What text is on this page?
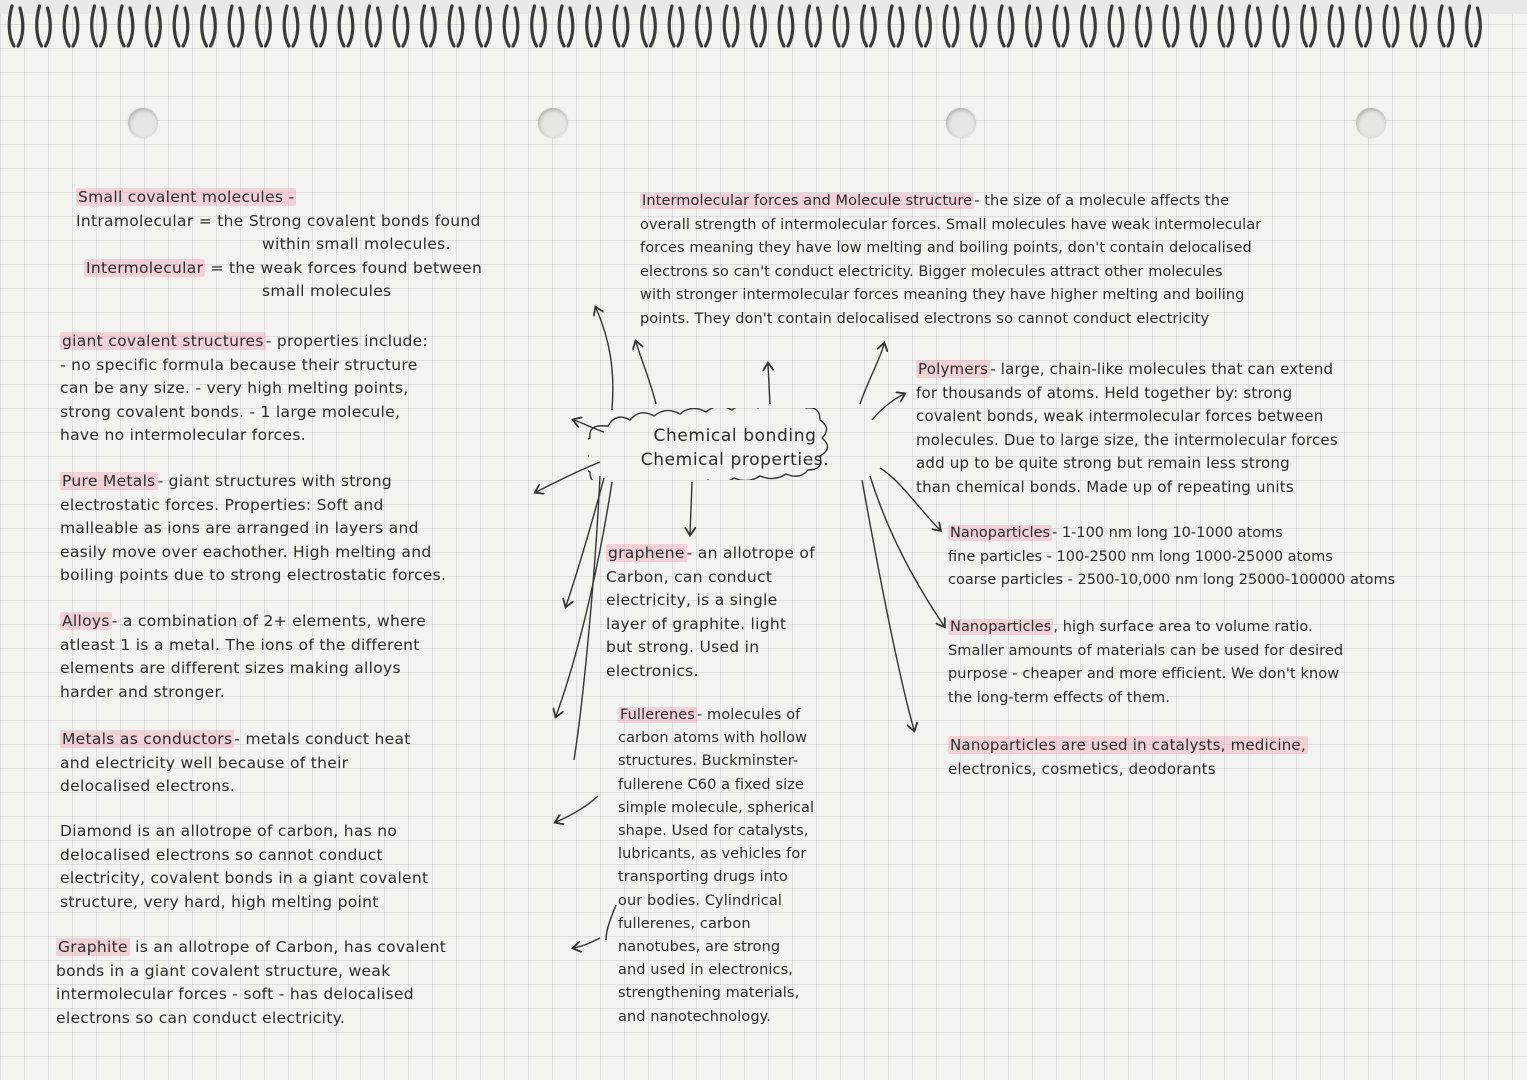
Chemical bonding
Chemical properties.
Small covalent molecules -
Intramolecular = the Strong covalent bonds found
within small molecules.
Intermolecular = the weak forces found between
small molecules
giant covalent structures - properties include:
- no specific formula because their structure
can be any size. - very high melting points,
strong covalent bonds. - 1 large molecule,
have no intermolecular forces.
Pure Metals - giant structures with strong
electrostatic forces. Properties: Soft and
malleable as ions are arranged in layers and
easily move over eachother. High melting and
boiling points due to strong electrostatic forces.
Alloys - a combination of 2+ elements, where
atleast 1 is a metal. The ions of the different
elements are different sizes making alloys
harder and stronger.
Metals as conductors - metals conduct heat
and electricity well because of their
delocalised electrons.
Diamond is an allotrope of carbon, has no
delocalised electrons so cannot conduct
electricity, covalent bonds in a giant covalent
structure, very hard, high melting point
Graphite is an allotrope of Carbon, has covalent
bonds in a giant covalent structure, weak
intermolecular forces - soft - has delocalised
electrons so can conduct electricity.
graphene - an allotrope of
Carbon, can conduct
electricity, is a single
layer of graphite. light
but strong. Used in
electronics.
Fullerenes - molecules of
carbon atoms with hollow
structures. Buckminster-
fullerene C60 a fixed size
simple molecule, spherical
shape. Used for catalysts,
lubricants, as vehicles for
transporting drugs into
our bodies. Cylindrical
fullerenes, carbon
nanotubes, are strong
and used in electronics,
strengthening materials,
and nanotechnology.
Intermolecular forces and Molecule structure - the size of a molecule affects the
overall strength of intermolecular forces. Small molecules have weak intermolecular
forces meaning they have low melting and boiling points, don't contain delocalised
electrons so can't conduct electricity. Bigger molecules attract other molecules
with stronger intermolecular forces meaning they have higher melting and boiling
points. They don't contain delocalised electrons so cannot conduct electricity
Polymers - large, chain-like molecules that can extend
for thousands of atoms. Held together by: strong
covalent bonds, weak intermolecular forces between
molecules. Due to large size, the intermolecular forces
add up to be quite strong but remain less strong
than chemical bonds. Made up of repeating units
Nanoparticles - 1-100 nm long 10-1000 atoms
fine particles - 100-2500 nm long 1000-25000 atoms
coarse particles - 2500-10,000 nm long 25000-100000 atoms
Nanoparticles , high surface area to volume ratio.
Smaller amounts of materials can be used for desired
purpose - cheaper and more efficient. We don't know
the long-term effects of them.
Nanoparticles are used in catalysts, medicine,
electronics, cosmetics, deodorants
